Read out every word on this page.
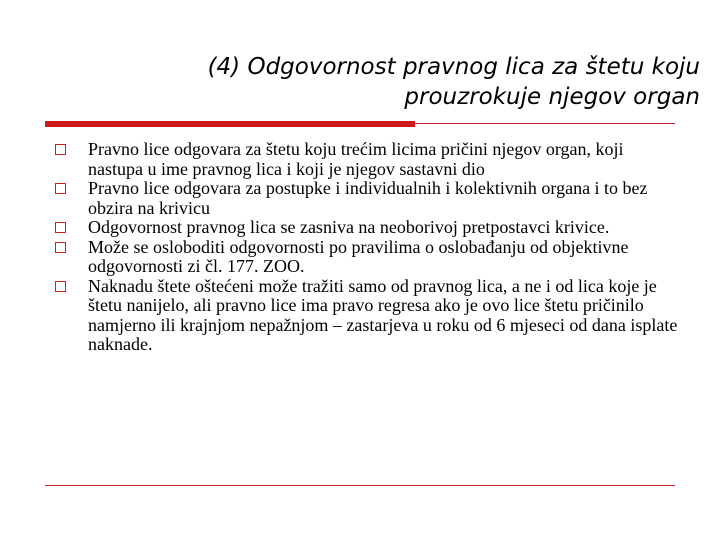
(4) Odgovornost pravnog lica za štetu koju
prouzrokuje njegov organ
Pravno lice odgovara za štetu koju trećim licima pričini njegov organ, koji nastupa u ime pravnog lica i koji je njegov sastavni dio
Pravno lice odgovara za postupke i individualnih i kolektivnih organa i to bez obzira na krivicu
Odgovornost pravnog lica se zasniva na neoborivoj pretpostavci krivice.
Može se osloboditi odgovornosti po pravilima o oslobađanju od objektivne odgovornosti zi čl. 177. ZOO.
Naknadu štete oštećeni može tražiti samo od pravnog lica, a ne i od lica koje je štetu nanijelo, ali pravno lice ima pravo regresa ako je ovo lice štetu pričinilo namjerno ili krajnjom nepažnjom – zastarjeva u roku od 6 mjeseci od dana isplate naknade.
